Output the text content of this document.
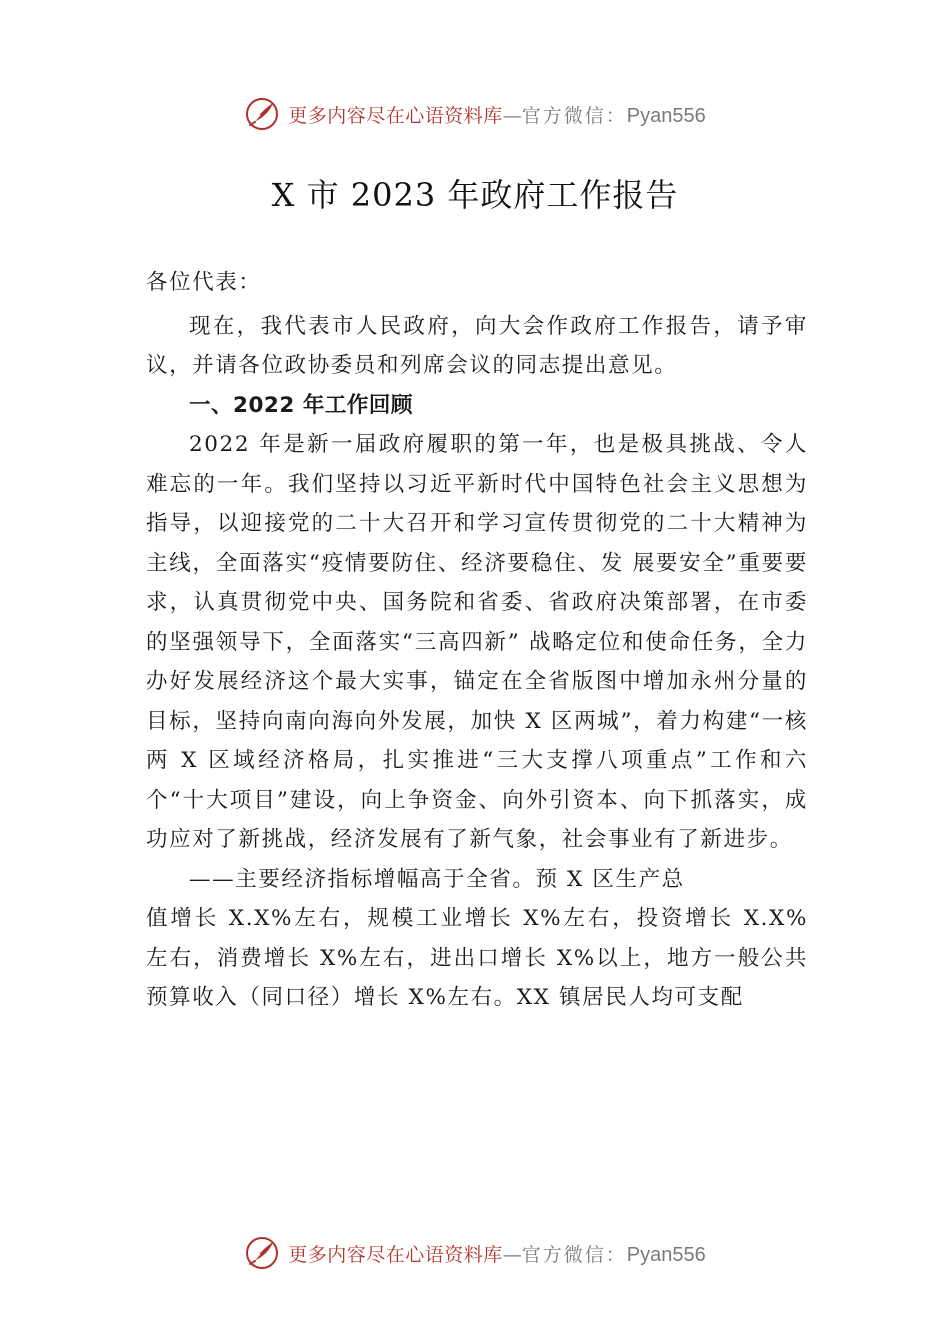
更多内容尽在心语资料库 — 官方微信： Pyan556
X 市 2023 年政府工作报告

各位代表：

现在，我代表市人民政府，向大会作政府工作报告，请予审议，并请各位政协委员和列席会议的同志提出意见。

一、2022 年工作回顾

2022 年是新一届政府履职的第一年，也是极具挑战、令人难忘的一年。我们坚持以习近平新时代中国特色社会主义思想为指导，以迎接党的二十大召开和学习宣传贯彻党的二十大精神为主线，全面落实“疫情要防住、经济要稳住、发 展要安全”重要要求，认真贯彻党中央、国务院和省委、省政府决策部署，在市委的坚强领导下，全面落实“三高四新” 战略定位和使命任务，全力办好发展经济这个最大实事，锚定在全省版图中增加永州分量的目标，坚持向南向海向外发展，加快 X 区两城”，着力构建“一核两 X 区域经济格局，扎实推进“三大支撑八项重点”工作和六个“十大项目”建设，向上争资金、向外引资本、向下抓落实，成功应对了新挑战，经济发展有了新气象，社会事业有了新进步。

——主要经济指标增幅高于全省。预 X 区生产总

值增长 X.X%左右，规模工业增长 X%左右，投资增长 X.X% 左右，消费增长 X%左右，进出口增长 X%以上，地方一般公共预算收入（同口径）增长 X%左右。XX 镇居民人均可支配

更多内容尽在心语资料库 — 官方微信： Pyan556
